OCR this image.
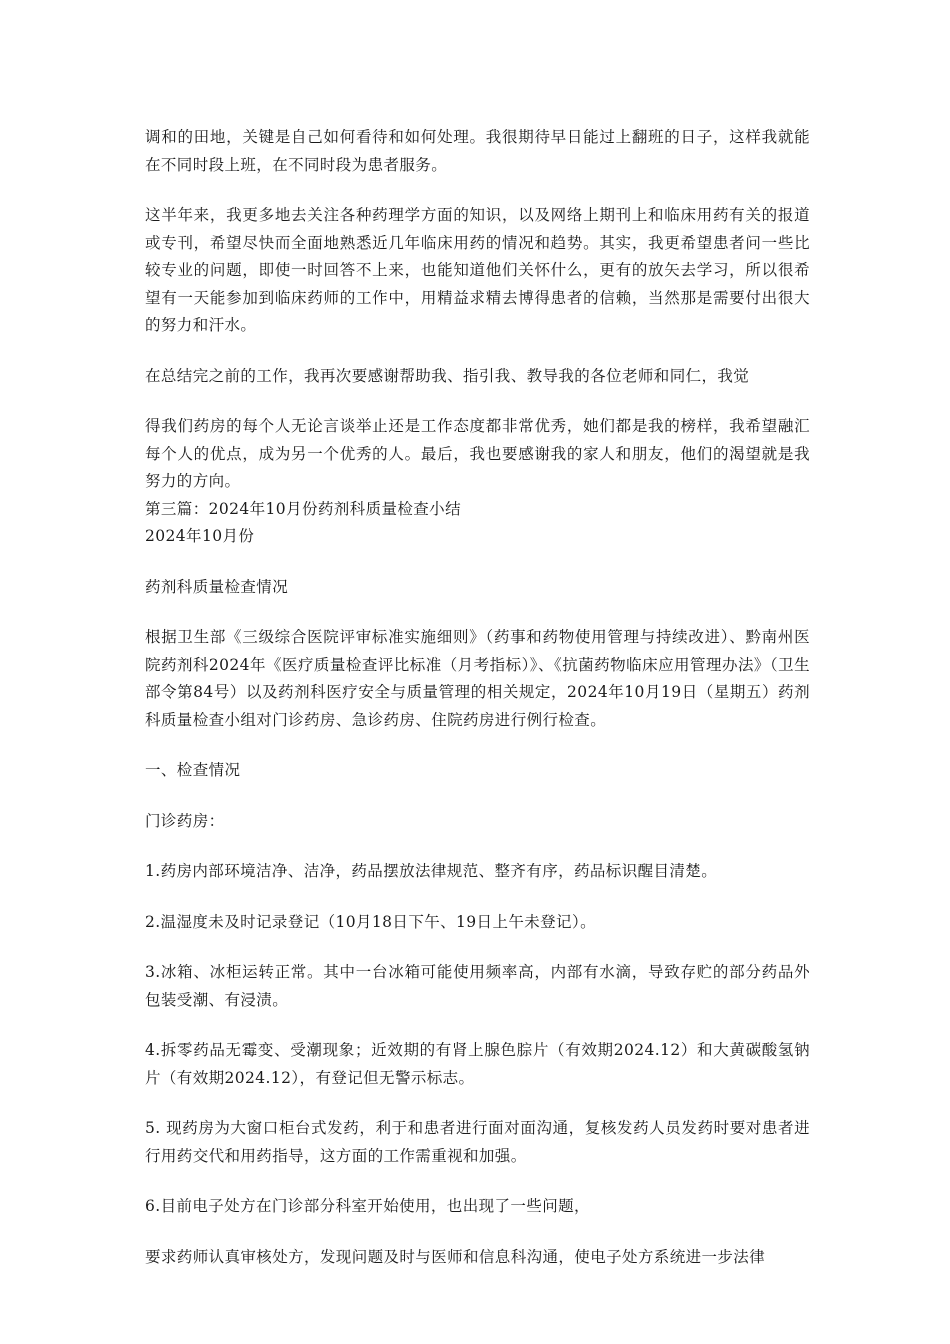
调和的田地，关键是自己如何看待和如何处理。我很期待早日能过上翻班的日子，这样我就能在不同时段上班，在不同时段为患者服务。

这半年来，我更多地去关注各种药理学方面的知识，以及网络上期刊上和临床用药有关的报道或专刊，希望尽快而全面地熟悉近几年临床用药的情况和趋势。其实，我更希望患者问一些比较专业的问题，即使一时回答不上来，也能知道他们关怀什么，更有的放矢去学习，所以很希望有一天能参加到临床药师的工作中，用精益求精去博得患者的信赖，当然那是需要付出很大的努力和汗水。

在总结完之前的工作，我再次要感谢帮助我、指引我、教导我的各位老师和同仁，我觉

得我们药房的每个人无论言谈举止还是工作态度都非常优秀，她们都是我的榜样，我希望融汇每个人的优点，成为另一个优秀的人。最后，我也要感谢我的家人和朋友，他们的渴望就是我努力的方向。

第三篇：2024年10月份药剂科质量检查小结

2024年10月份

药剂科质量检查情况

根据卫生部《三级综合医院评审标准实施细则》（药事和药物使用管理与持续改进）、黔南州医院药剂科2024年《医疗质量检查评比标准（月考指标）》、《抗菌药物临床应用管理办法》（卫生部令第84号）以及药剂科医疗安全与质量管理的相关规定，2024年10月19日（星期五）药剂科质量检查小组对门诊药房、急诊药房、住院药房进行例行检查。

一、检查情况

门诊药房：

1.药房内部环境洁净、洁净，药品摆放法律规范、整齐有序，药品标识醒目清楚。

2.温湿度未及时记录登记（10月18日下午、19日上午未登记）。

3.冰箱、冰柜运转正常。其中一台冰箱可能使用频率高，内部有水滴，导致存贮的部分药品外包装受潮、有浸渍。

4.拆零药品无霉变、受潮现象；近效期的有肾上腺色腙片（有效期2024.12）和大黄碳酸氢钠片（有效期2024.12），有登记但无警示标志。

5. 现药房为大窗口柜台式发药，利于和患者进行面对面沟通，复核发药人员发药时要对患者进行用药交代和用药指导，这方面的工作需重视和加强。

6.目前电子处方在门诊部分科室开始使用，也出现了一些问题，

要求药师认真审核处方，发现问题及时与医师和信息科沟通，使电子处方系统进一步法律
